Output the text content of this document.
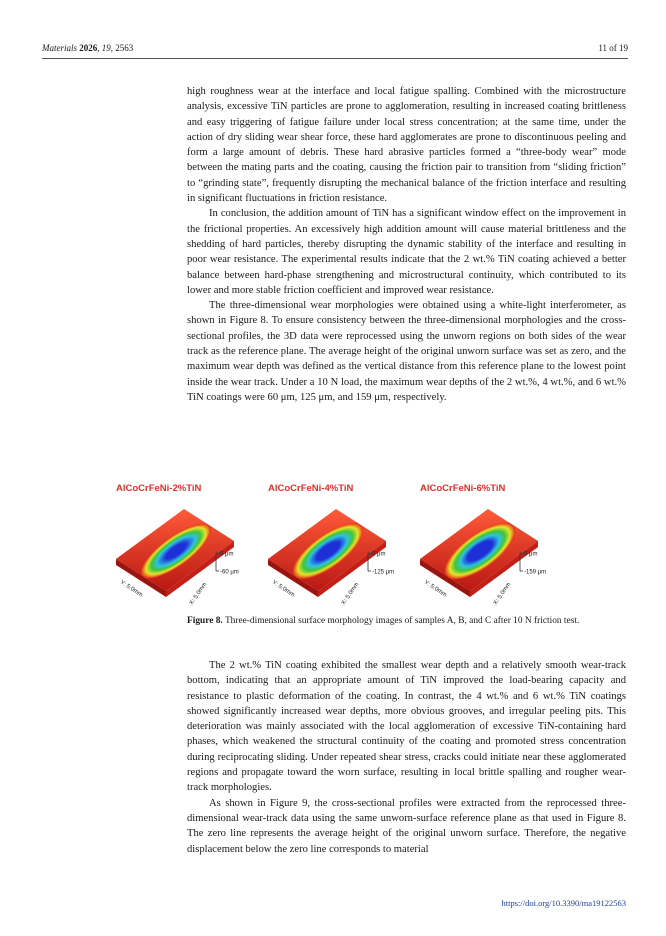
Materials 2026, 19, 2563	11 of 19

high roughness wear at the interface and local fatigue spalling. Combined with the microstructure analysis, excessive TiN particles are prone to agglomeration, resulting in increased coating brittleness and easy triggering of fatigue failure under local stress concentration; at the same time, under the action of dry sliding wear shear force, these hard agglomerates are prone to discontinuous peeling and form a large amount of debris. These hard abrasive particles formed a “three-body wear” mode between the mating parts and the coating, causing the friction pair to transition from “sliding friction” to “grinding state”, frequently disrupting the mechanical balance of the friction interface and resulting in significant fluctuations in friction resistance.

In conclusion, the addition amount of TiN has a significant window effect on the improvement in the frictional properties. An excessively high addition amount will cause material brittleness and the shedding of hard particles, thereby disrupting the dynamic stability of the interface and resulting in poor wear resistance. The experimental results indicate that the 2 wt.% TiN coating achieved a better balance between hard-phase strengthening and microstructural continuity, which contributed to its lower and more stable friction coefficient and improved wear resistance.

The three-dimensional wear morphologies were obtained using a white-light interferometer, as shown in Figure 8. To ensure consistency between the three-dimensional morphologies and the cross-sectional profiles, the 3D data were reprocessed using the unworn regions on both sides of the wear track as the reference plane. The average height of the original unworn surface was set as zero, and the maximum wear depth was defined as the vertical distance from this reference plane to the lowest point inside the wear track. Under a 10 N load, the maximum wear depths of the 2 wt.%, 4 wt.%, and 6 wt.% TiN coatings were 60 μm, 125 μm, and 159 μm, respectively.

AlCoCrFeNi-2%TiN	AlCoCrFeNi-4%TiN	AlCoCrFeNi-6%TiN
0 μm
-60 μm
Y: 5.0mm	X: 5.0mm
0 μm
-125 μm
Y: 5.0mm	X: 5.0mm
0 μm
-159 μm
Y: 5.0mm	X: 5.0mm
Figure 8. Three-dimensional surface morphology images of samples A, B, and C after 10 N friction test.

The 2 wt.% TiN coating exhibited the smallest wear depth and a relatively smooth wear-track bottom, indicating that an appropriate amount of TiN improved the load-bearing capacity and resistance to plastic deformation of the coating. In contrast, the 4 wt.% and 6 wt.% TiN coatings showed significantly increased wear depths, more obvious grooves, and irregular peeling pits. This deterioration was mainly associated with the local agglomeration of excessive TiN-containing hard phases, which weakened the structural continuity of the coating and promoted stress concentration during reciprocating sliding. Under repeated shear stress, cracks could initiate near these agglomerated regions and propagate toward the worn surface, resulting in local brittle spalling and rougher wear-track morphologies.

As shown in Figure 9, the cross-sectional profiles were extracted from the reprocessed three-dimensional wear-track data using the same unworn-surface reference plane as that used in Figure 8. The zero line represents the average height of the original unworn surface. Therefore, the negative displacement below the zero line corresponds to material

https://doi.org/10.3390/ma19122563
